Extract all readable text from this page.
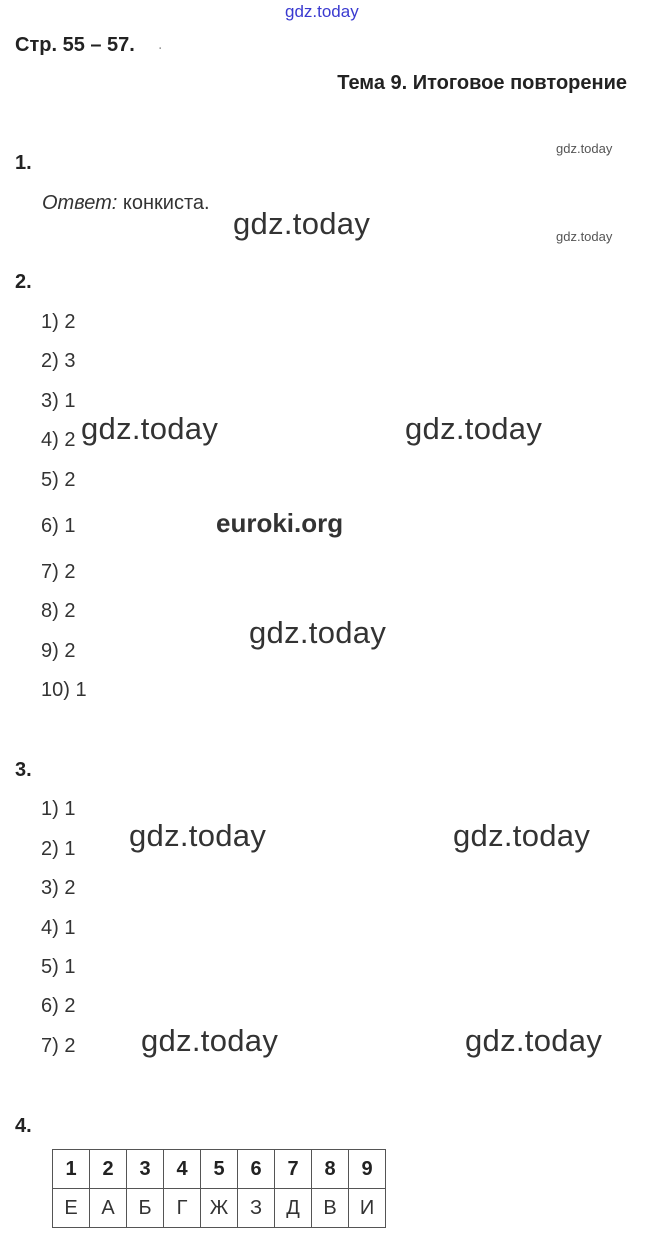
gdz.today
Стр. 55 – 57. .
Тема 9. Итоговое повторение
1.
Ответ: конкиста.
2.
1) 2
2) 3
3) 1
4) 2
5) 2
6) 1
7) 2
8) 2
9) 2
10) 1
3.
1) 1
2) 1
3) 2
4) 1
5) 1
6) 2
7) 2
4.
1	2	3	4	5	6	7	8	9
Е	А	Б	Г	Ж	З	Д	В	И
gdz.today
gdz.today
gdz.today
gdz.today	gdz.today
euroki.org
gdz.today
gdz.today	gdz.today
gdz.today	gdz.today
